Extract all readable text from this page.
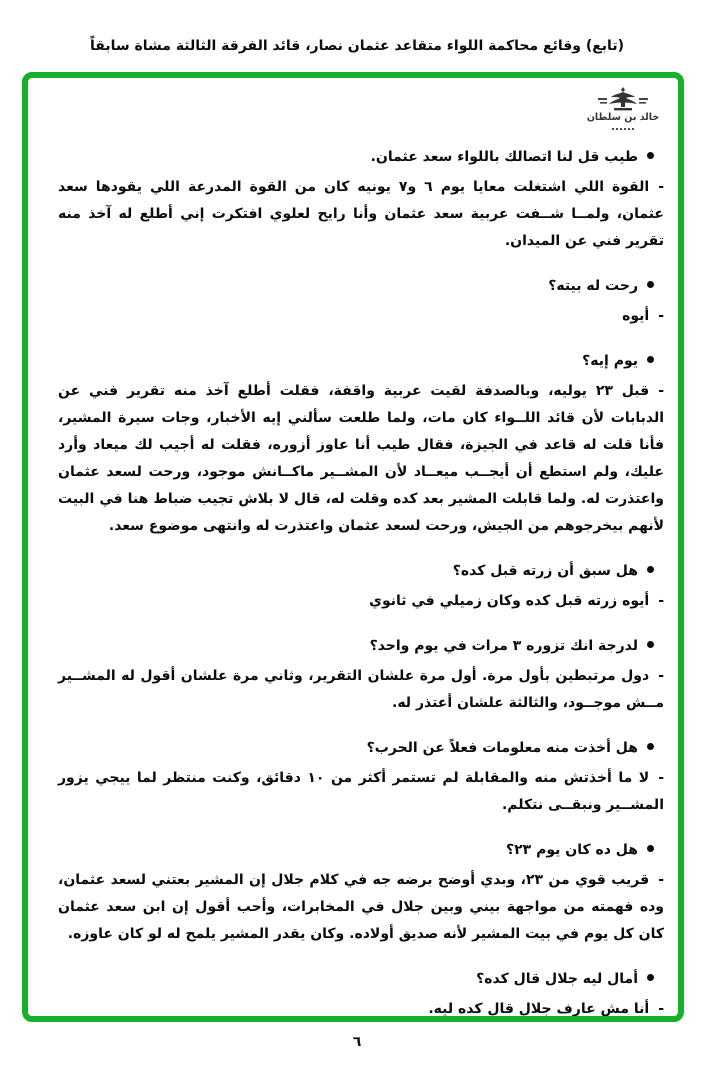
(تابع) وقائع محاكمة اللواء متقاعد عثمان نصار، قائد الفرقة الثالثة مشاة سابقاً
خالد بن سلطان
طيب قل لنا اتصالك باللواء سعد عثمان.

-القوة اللي اشتغلت معايا يوم ٦ و٧ يونيه كان من القوة المدرعة اللي يقودها سعد عثمان، ولمــا شــفت عربية سعد عثمان وأنا رايح لعلوي افتكرت إني أطلع له آخذ منه تقرير فني عن الميدان.

رحت له بيته؟

-أيوه

يوم إيه؟

-قبل ٢٣ يوليه، وبالصدفة لقيت عربية واقفة، فقلت أطلع آخذ منه تقرير فني عن الدبابات لأن قائد اللــواء كان مات، ولما طلعت سألني إيه الأخبار، وجات سيرة المشير، فأنا قلت له قاعد في الجيزة، فقال طيب أنا عاوز أزوره، فقلت له أجيب لك ميعاد وأرد عليك، ولم استطع أن أيجــب ميعــاد لأن المشــير ماكــانش موجود، ورحت لسعد عثمان واعتذرت له. ولما قابلت المشير بعد كده وقلت له، قال لا بلاش تجيب ضباط هنا في البيت لأنهم بيخرجوهم من الجيش، ورحت لسعد عثمان واعتذرت له وانتهى موضوع سعد.

هل سبق أن زرته قبل كده؟

-أيوه زرته قبل كده وكان زميلي في ثانوي

لدرجة انك تزوره ٣ مرات في يوم واحد؟

-دول مرتبطين بأول مرة. أول مرة علشان التقرير، وثاني مرة علشان أقول له المشــير مــش موجــود، والثالثة علشان أعتذر له.

هل أخذت منه معلومات فعلاً عن الحرب؟

-لا ما أخذتش منه والمقابلة لم تستمر أكثر من ١٠ دقائق، وكنت منتظر لما ييجي يزور المشــير ونبقــى نتكلم.

هل ده كان يوم ٢٣؟

-قريب قوي من ٢٣، وبدي أوضح برضه جه في كلام جلال إن المشير بعتني لسعد عثمان، وده فهمته من مواجهة بيني وبين جلال في المخابرات، وأحب أقول إن ابن سعد عثمان كان كل يوم في بيت المشير لأنه صديق أولاده. وكان يقدر المشير يلمح له لو كان عاوزه.

أمال ليه جلال قال كده؟

-أنا مش عارف جلال قال كده ليه.

٦
